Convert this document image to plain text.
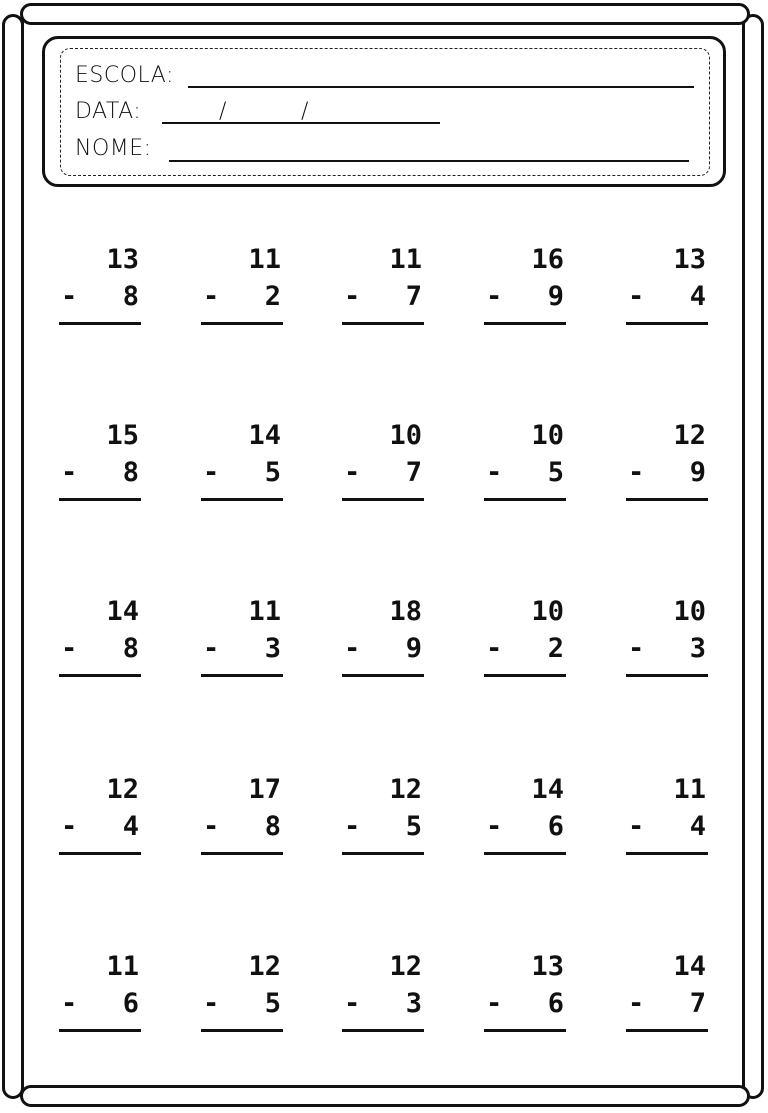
ESCOLA:
DATA:	/	/
NOME:
13
- 8
11
- 2
11
- 7
16
- 9
13
- 4
15
- 8
14
- 5
10
- 7
10
- 5
12
- 9
14
- 8
11
- 3
18
- 9
10
- 2
10
- 3
12
- 4
17
- 8
12
- 5
14
- 6
11
- 4
11
- 6
12
- 5
12
- 3
13
- 6
14
- 7
